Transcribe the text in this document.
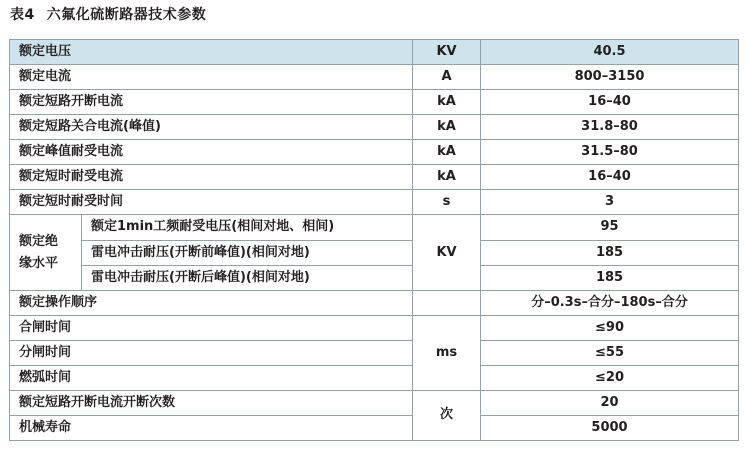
表4 六氟化硫断路器技术参数
额定电压		KV	40.5
额定电流		A	800–3150
额定短路开断电流		kA	16–40
额定短路关合电流(峰值)		kA	31.8–80
额定峰值耐受电流		kA	31.5–80
额定短时耐受电流		kA	16–40
额定短时耐受时间		s	3

额定绝缘水平	额定1min工频耐受电压(相间对地、相间)	KV	95
	雷电冲击耐压(开断前峰值)(相间对地)		185
	雷电冲击耐压(开断后峰值)(相间对地)		185
额定操作顺序			分–0.3s–合分–180s–合分
合闸时间		ms	≤90
分闸时间			≤55
燃弧时间			≤20
额定短路开断电流开断次数		次	20
机械寿命			5000
